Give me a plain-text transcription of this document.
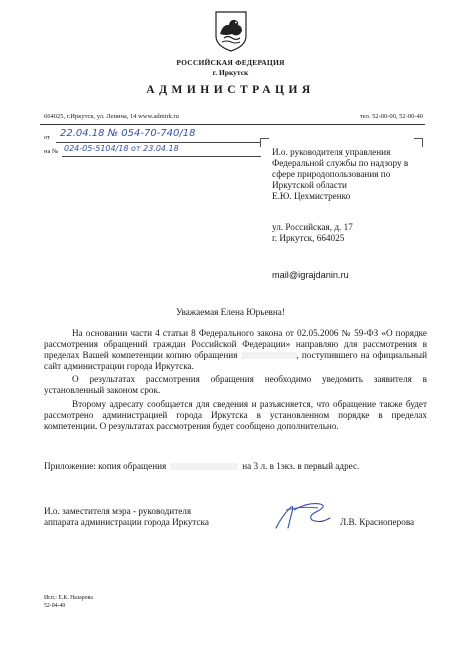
РОССИЙСКАЯ ФЕДЕРАЦИЯ
г. Иркутск
АДМИНИСТРАЦИЯ
664025, г.Иркутск, ул. Ленина, 14 www.admirk.ru	тел. 52-00-00, 52-00-40
от 22.04.18 № 054-70-740/18
на № 024-05-5104/18 от 23.04.18	И.о. руководителя управления
Федеральной службы по надзору в
сфере природопользования по
Иркутской области
Е.Ю. Цехмистренко
ул. Российская, д. 17
г. Иркутск, 664025
mail@igrajdanin.ru
Уважаемая Елена Юрьевна!
На основании части 4 статьи 8 Федерального закона от 02.05.2006 № 59-ФЗ «О порядке рассмотрения обращений граждан Российской Федерации» направляю для рассмотрения в пределах Вашей компетенции копию обращения	, поступившего на официальный сайт администрации города Иркутска.
О результатах рассмотрения обращения необходимо уведомить заявителя в установленный законом срок.
Второму адресату сообщается для сведения и разъясняется, что обращение также будет рассмотрено администрацией города Иркутска в установленном порядке в пределах компетенции. О результатах рассмотрения будет сообщено дополнительно.
Приложение: копия обращения	на 3 л. в 1экз. в первый адрес.
И.о. заместителя мэра - руководителя
аппарата администрации города Иркутска	Л.В. Красноперова
Исп.: Е.К. Назарова
52-04-40
